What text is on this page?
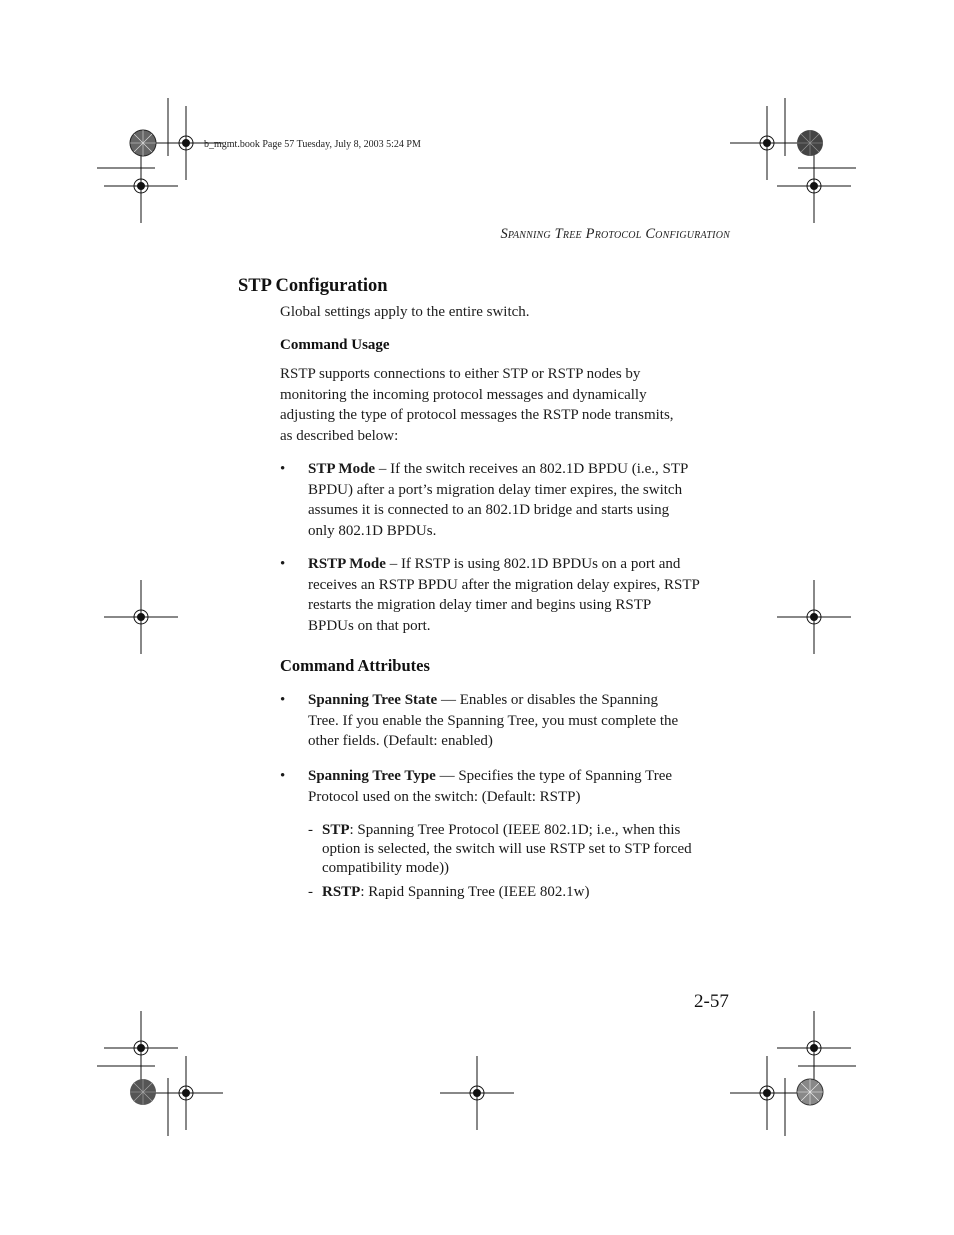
b_mgmt.book Page 57 Tuesday, July 8, 2003 5:24 PM
Spanning Tree Protocol Configuration
STP Configuration
Global settings apply to the entire switch.
Command Usage
RSTP supports connections to either STP or RSTP nodes by
monitoring the incoming protocol messages and dynamically
adjusting the type of protocol messages the RSTP node transmits,
as described below:
• STP Mode – If the switch receives an 802.1D BPDU (i.e., STP
BPDU) after a port’s migration delay timer expires, the switch
assumes it is connected to an 802.1D bridge and starts using
only 802.1D BPDUs.
• RSTP Mode – If RSTP is using 802.1D BPDUs on a port and
receives an RSTP BPDU after the migration delay expires, RSTP
restarts the migration delay timer and begins using RSTP
BPDUs on that port.
Command Attributes
• Spanning Tree State — Enables or disables the Spanning
Tree. If you enable the Spanning Tree, you must complete the
other fields. (Default: enabled)
• Spanning Tree Type — Specifies the type of Spanning Tree
Protocol used on the switch: (Default: RSTP)
- STP: Spanning Tree Protocol (IEEE 802.1D; i.e., when this
option is selected, the switch will use RSTP set to STP forced
compatibility mode))
- RSTP: Rapid Spanning Tree (IEEE 802.1w)
2-57
